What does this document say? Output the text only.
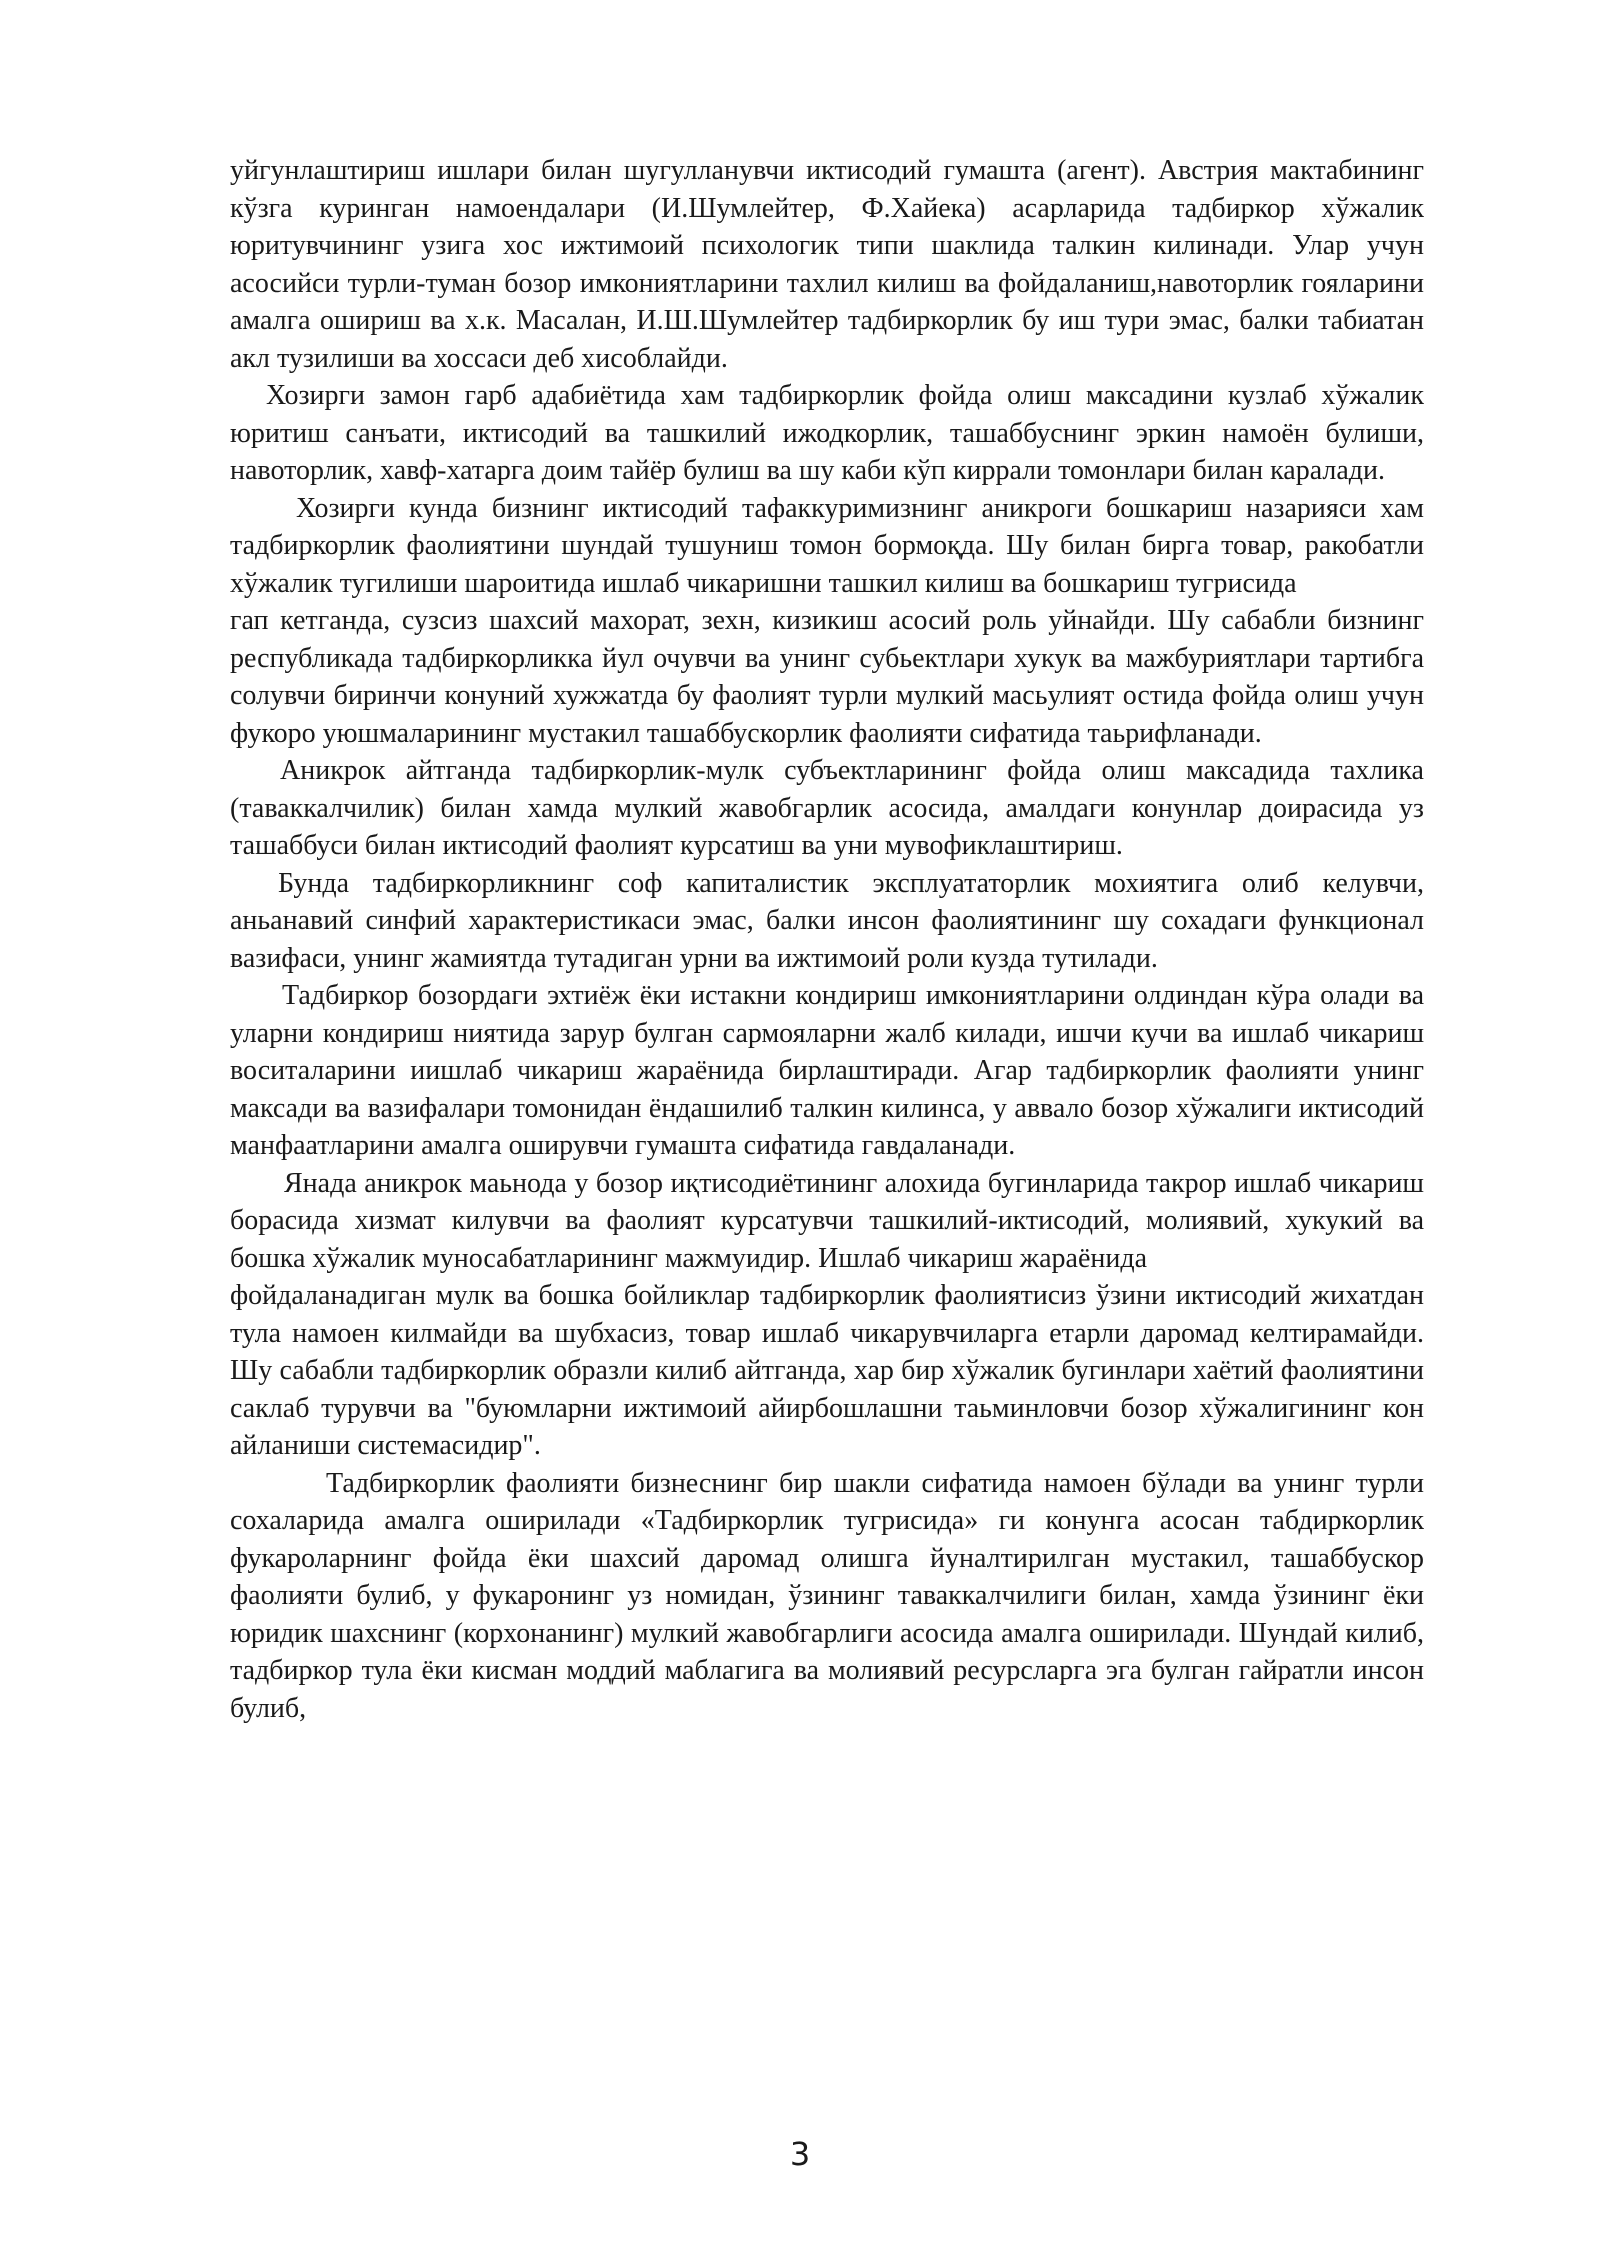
уйгунлаштириш ишлари билан шугулланувчи иктисодий гумашта (агент). Австрия мактабининг кўзга куринган намоендалари (И.Шумлейтер, Ф.Хайека) асарларида тадбиркор хўжалик юритувчининг узига хос ижтимоий психологик типи шаклида талкин килинади. Улар учун асосийси турли-туман бозор имкониятларини тахлил килиш ва фойдаланиш,навоторлик гояларини амалга ошириш ва х.к. Масалан, И.Ш.Шумлейтер тадбиркорлик бу иш тури эмас, балки табиатан акл тузилиши ва хоссаси деб хисоблайди.

Хозирги замон гарб адабиётида хам тадбиркорлик фойда олиш максадини кузлаб хўжалик юритиш санъати, иктисодий ва ташкилий ижодкорлик, ташаббуснинг эркин намоён булиши, навоторлик, хавф-хатарга доим тайёр булиш ва шу каби кўп киррали томонлари билан каралади.

Хозирги кунда бизнинг иктисодий тафаккуримизнинг аникроги бошкариш назарияси хам тадбиркорлик фаолиятини шундай тушуниш томон бормоқда. Шу билан бирга товар, ракобатли хўжалик тугилиши шароитида ишлаб чикаришни ташкил килиш ва бошкариш тугрисида

гап кетганда, сузсиз шахсий махорат, зехн, кизикиш асосий роль уйнайди. Шу сабабли бизнинг республикада тадбиркорликка йул очувчи ва унинг субьектлари хукук ва мажбуриятлари тартибга солувчи биринчи конуний хужжатда бу фаолият турли мулкий масьулият остида фойда олиш учун фукоро уюшмаларининг мустакил ташаббускорлик фаолияти сифатида таьрифланади.

Аникрок айтганда тадбиркорлик-мулк субъектларининг фойда олиш максадида тахлика (таваккалчилик) билан хамда мулкий жавобгарлик асосида, амалдаги конунлар доирасида уз ташаббуси билан иктисодий фаолият курсатиш ва уни мувофиклаштириш.

Бунда тадбиркорликнинг соф капиталистик эксплуататорлик мохиятига олиб келувчи, аньанавий синфий характеристикаси эмас, балки инсон фаолиятининг шу сохадаги функционал вазифаси, унинг жамиятда тутадиган урни ва ижтимоий роли кузда тутилади.

Тадбиркор бозордаги эхтиёж ёки истакни кондириш имкониятларини олдиндан кўра олади ва уларни кондириш ниятида зарур булган сармояларни жалб килади, ишчи кучи ва ишлаб чикариш воситаларини иишлаб чикариш жараёнида бирлаштиради. Агар тадбиркорлик фаолияти унинг максади ва вазифалари томонидан ёндашилиб талкин килинса, у аввало бозор хўжалиги иктисодий манфаатларини амалга оширувчи гумашта сифатида гавдаланади.

Янада аникрок маьнода у бозор иқтисодиётининг алохида бугинларида такрор ишлаб чикариш борасида хизмат килувчи ва фаолият курсатувчи ташкилий-иктисодий, молиявий, хукукий ва бошка хўжалик муносабатларининг мажмуидир. Ишлаб чикариш жараёнида

фойдаланадиган мулк ва бошка бойликлар тадбиркорлик фаолиятисиз ўзини иктисодий жихатдан тула намоен килмайди ва шубхасиз, товар ишлаб чикарувчиларга етарли даромад келтирамайди. Шу сабабли тадбиркорлик образли килиб айтганда, хар бир хўжалик бугинлари хаётий фаолиятини саклаб турувчи ва "буюмларни ижтимоий айирбошлашни таьминловчи бозор хўжалигининг кон айланиши системасидир".

Тадбиркорлик фаолияти бизнеснинг бир шакли сифатида намоен бўлади ва унинг турли сохаларида амалга оширилади «Тадбиркорлик тугрисида» ги конунга асосан табдиркорлик фукароларнинг фойда ёки шахсий даромад олишга йуналтирилган мустакил, ташаббускор фаолияти булиб, у фукаронинг уз номидан, ўзининг таваккалчилиги билан, хамда ўзининг ёки юридик шахснинг (корхонанинг) мулкий жавобгарлиги асосида амалга оширилади. Шундай килиб, тадбиркор тула ёки кисман моддий маблагига ва молиявий ресурсларга эга булган гайратли инсон булиб,

3
